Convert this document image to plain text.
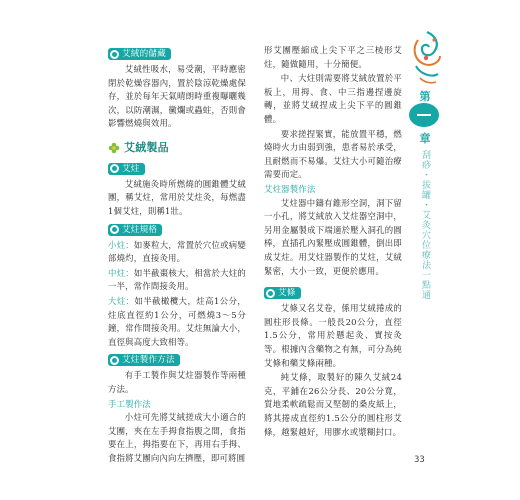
艾絨的儲藏

艾絨性吸水，易受潮，平時應密閉於乾燥容器內，置於陰涼乾燥處保存，並於每年天氣晴朗時重複曝曬幾次，以防潮濕，黴爛或蟲蛀，否則會影響燃燒與效用。

艾絨製品
艾炷

艾絨施灸時所燃燒的圓錐體艾絨團，稱艾炷，常用於艾炷灸，每燃盡1個艾炷，則稱1壯。

艾炷規格

小炷：如麥粒大，常置於穴位或病變部燒灼，直接灸用。

中炷：如半截棗核大，相當於大炷的一半，常作間接灸用。

大炷：如半截橄欖大，炷高1公分，炷底直徑約1公分，可燃燒3～5分鐘，常作間接灸用。艾炷無論大小，直徑與高度大致相等。

艾炷製作方法

有手工製作與艾炷器製作等兩種方法。

手工製作法

小炷可先將艾絨搓成大小適合的艾團，夾在左手拇食指腹之間，食指要在上，拇指要在下，再用右手拇、食指將艾團向內向左擠壓，即可將圓

形艾團壓縮成上尖下平之三棱形艾炷，隨做隨用，十分簡便。

中、大炷則需要將艾絨放置於平板上，用拇、食、中三指邊捏邊旋轉，並將艾絨捏成上尖下平的圓錐體。

要求搓捏緊實，能放置平穩，燃燒時火力由弱到強，患者易於承受，且耐燃而不易爆。艾炷大小可隨治療需要而定。

艾炷器製作法

艾炷器中鑄有錐形空洞，洞下留一小孔，將艾絨放入艾炷器空洞中，另用金屬製成下端適於壓入洞孔的圓棒，直插孔內緊壓成圓錐體，倒出即成艾炷。用艾炷器製作的艾炷，艾絨緊密，大小一致，更便於應用。

艾條

艾條又名艾卷，係用艾絨捲成的圓柱形長條。一般長20公分，直徑1.5公分，常用於懸起灸、實按灸等。根據內含藥物之有無，可分為純艾條和藥艾條兩種。

純艾條，取製好的陳久艾絨24克，平鋪在26公分長、20公分寬，質地柔軟疏鬆而又堅韌的桑皮紙上，將其捲成直徑約1.5公分的圓柱形艾條，越緊越好，用膠水或漿糊封口。

第
章
刮痧・拔罐・艾灸穴位療法一點通
33
